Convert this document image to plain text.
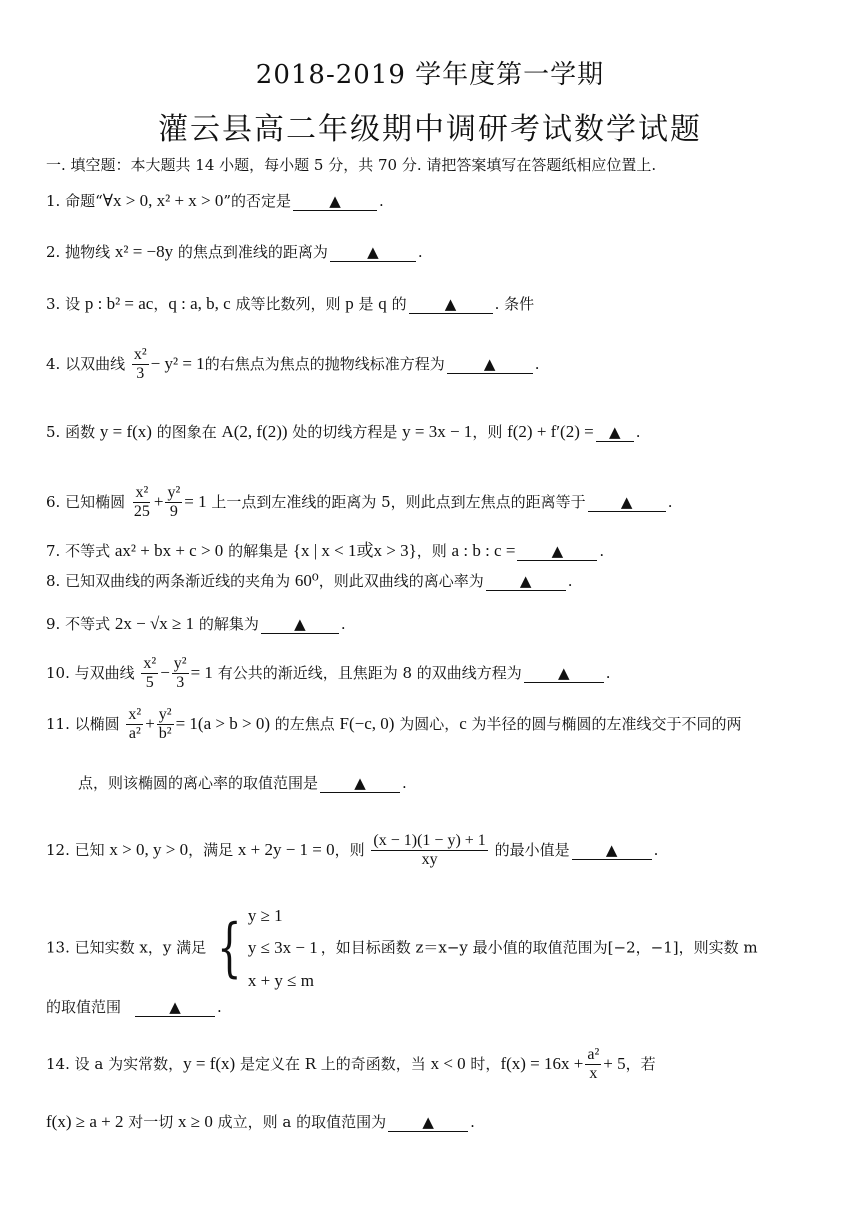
2018-2019 学年度第一学期
灌云县高二年级期中调研考试数学试题
一. 填空题：本大题共 14 小题，每小题 5 分，共 70 分. 请把答案填写在答题纸相应位置上.
1. 命题“∀x > 0, x² + x > 0”的否定是	▲	.
2. 抛物线 x² = −8y 的焦点到准线的距离为	▲	.
3. 设 p : b² = ac，q : a, b, c 成等比数列，则 p 是 q 的	▲	. 条件
4. 以双曲线 $\frac{\text{x²}}{3} - y^2 = 1$的右焦点为焦点的抛物线标准方程为	▲	.
5. 函数 y = f(x) 的图象在 A(2, f(2)) 处的切线方程是 y = 3x − 1，则 f(2) + f′(2) = ▲ .
6. 已知椭圆 $\frac{\text{x²}}{25} + \frac{\text{y²}}{9} = 1$ 上一点到左准线的距离为 5，则此点到左焦点的距离等于 ▲ .
7. 不等式 ax² + bx + c > 0 的解集是 {x | x < 1或x > 3}，则 a : b : c = ▲ .
8. 已知双曲线的两条渐近线的夹角为 60⁰，则此双曲线的离心率为 ▲ .
9. 不等式 2x − √x ≥ 1 的解集为 ▲ .
10. 与双曲线 $\frac{\text{x²}}{5} - \frac{\text{y²}}{3} = 1$ 有公共的渐近线，且焦距为 8 的双曲线方程为 ▲ .
11. 以椭圆 $\frac{\text{x²}}{\text{a²}} + \frac{\text{y²}}{\text{b²}} = 1(a > b > 0)$ 的左焦点 F(−c, 0) 为圆心，c 为半径的圆与椭圆的左准线交于不同的两
点，则该椭圆的离心率的取值范围是 ▲ .
12. 已知 x > 0, y > 0，满足 x + 2y − 1 = 0，则 $\frac{(x - 1)(1 - y) + 1}{xy}$ 的最小值是 ▲ .
13. 已知实数 x，y 满足 { y ≥ 1
y ≤ 3x − 1
x + y ≤ m
，如目标函数 z＝x−y 最小值的取值范围为[−2，−1]，则实数 m
的取值范围	▲ .
14. 设 a 为实常数，y = f(x) 是定义在 R 上的奇函数，当 x < 0 时，$f(x) = 16x + \frac{\text{a²}}{x} + 5$，若
f(x) ≥ a + 2 对一切 x ≥ 0 成立，则 a 的取值范围为 ▲ .
